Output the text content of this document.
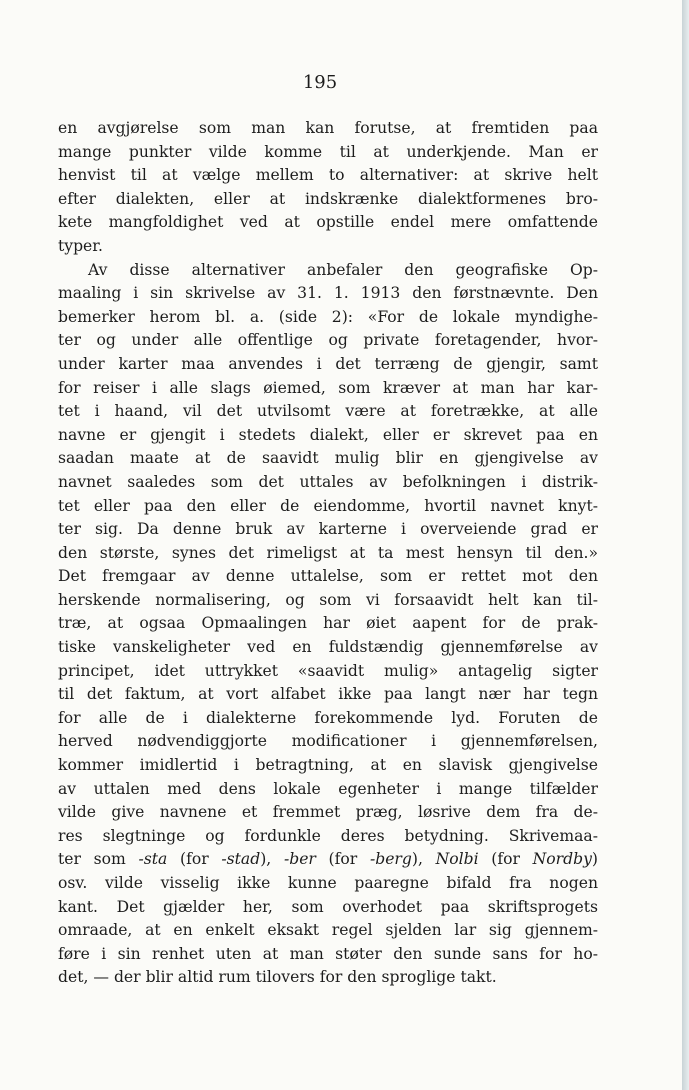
195
en avgjørelse som man kan forutse, at fremtiden paa
mange punkter vilde komme til at underkjende. Man er
henvist til at vælge mellem to alternativer: at skrive helt
efter dialekten, eller at indskrænke dialektformenes bro-
kete mangfoldighet ved at opstille endel mere omfattende
typer.
Av disse alternativer anbefaler den geografiske Op-
maaling i sin skrivelse av 31. 1. 1913 den førstnævnte. Den
bemerker herom bl. a. (side 2): «For de lokale myndighe-
ter og under alle offentlige og private foretagender, hvor-
under karter maa anvendes i det terræng de gjengir, samt
for reiser i alle slags øiemed, som kræver at man har kar-
tet i haand, vil det utvilsomt være at foretrække, at alle
navne er gjengit i stedets dialekt, eller er skrevet paa en
saadan maate at de saavidt mulig blir en gjengivelse av
navnet saaledes som det uttales av befolkningen i distrik-
tet eller paa den eller de eiendomme, hvortil navnet knyt-
ter sig. Da denne bruk av karterne i overveiende grad er
den største, synes det rimeligst at ta mest hensyn til den.»
Det fremgaar av denne uttalelse, som er rettet mot den
herskende normalisering, og som vi forsaavidt helt kan til-
træ, at ogsaa Opmaalingen har øiet aapent for de prak-
tiske vanskeligheter ved en fuldstændig gjennemførelse av
principet, idet uttrykket «saavidt mulig» antagelig sigter
til det faktum, at vort alfabet ikke paa langt nær har tegn
for alle de i dialekterne forekommende lyd. Foruten de
herved nødvendiggjorte modificationer i gjennemførelsen,
kommer imidlertid i betragtning, at en slavisk gjengivelse
av uttalen med dens lokale egenheter i mange tilfælder
vilde give navnene et fremmet præg, løsrive dem fra de-
res slegtninge og fordunkle deres betydning. Skrivemaa-
ter som -sta (for -stad), -ber (for -berg), Nolbi (for Nordby)
osv. vilde visselig ikke kunne paaregne bifald fra nogen
kant. Det gjælder her, som overhodet paa skriftsprogets
omraade, at en enkelt eksakt regel sjelden lar sig gjennem-
føre i sin renhet uten at man støter den sunde sans for ho-
det, — der blir altid rum tilovers for den sproglige takt.
